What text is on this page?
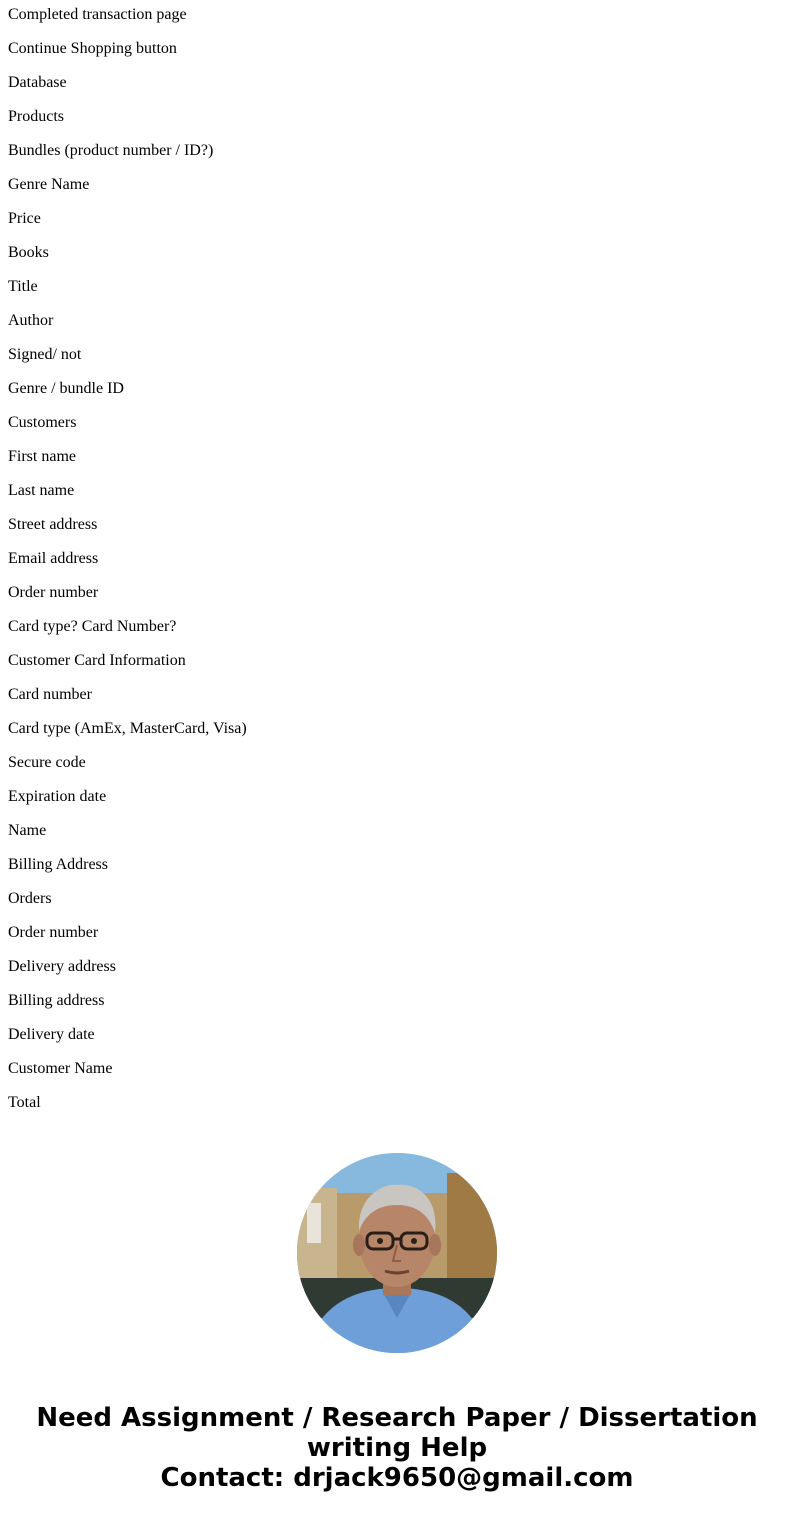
Completed transaction page

Continue Shopping button

Database

Products

Bundles (product number / ID?)

Genre Name

Price

Books

Title

Author

Signed/ not

Genre / bundle ID

Customers

First name

Last name

Street address

Email address

Order number

Card type? Card Number?

Customer Card Information

Card number

Card type (AmEx, MasterCard, Visa)

Secure code

Expiration date

Name

Billing Address

Orders

Order number

Delivery address

Billing address

Delivery date

Customer Name

Total

Need Assignment / Research Paper / Dissertation
writing Help
Contact: drjack9650@gmail.com
